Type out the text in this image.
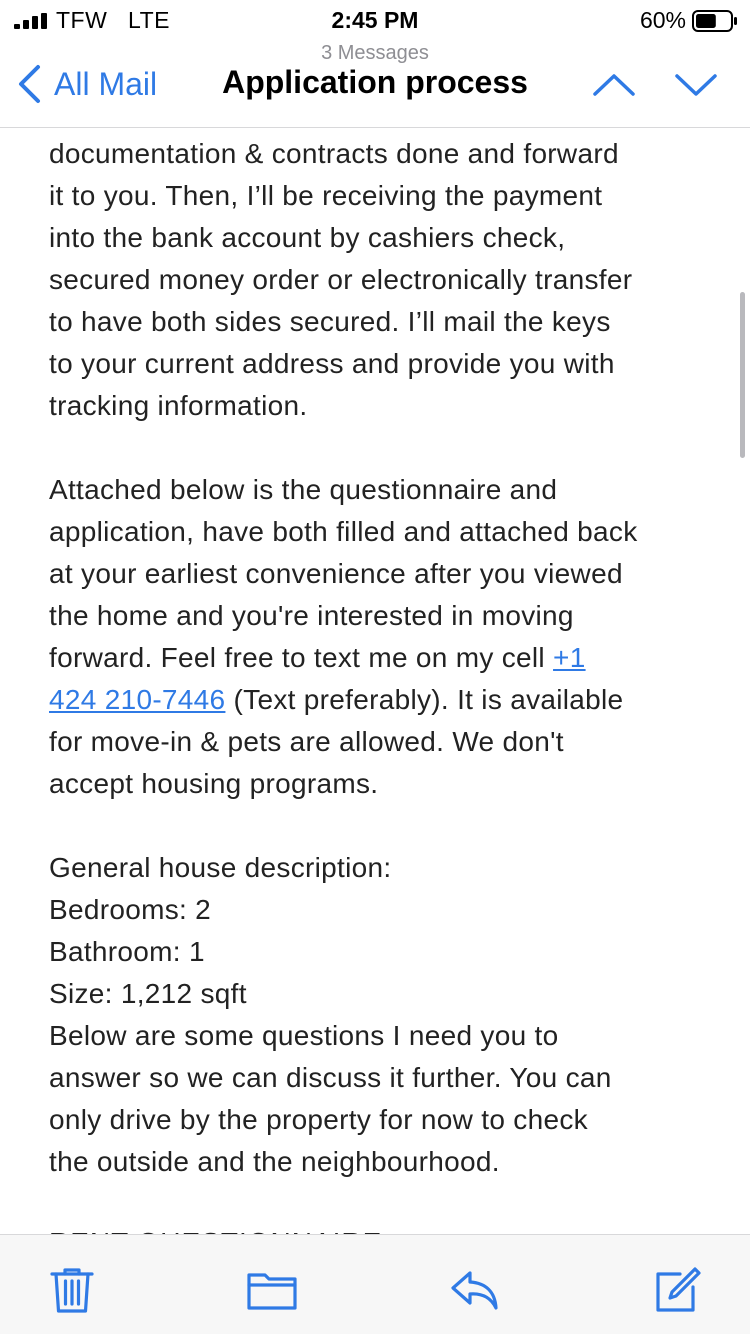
TFW LTE	2:45 PM	60%
All Mail
3 Messages
Application process
documentation & contracts done and forward
it to you. Then, I’ll be receiving the payment
into the bank account by cashiers check,
secured money order or electronically transfer
to have both sides secured. I’ll mail the keys
to your current address and provide you with
tracking information.
Attached below is the questionnaire and
application, have both filled and attached back
at your earliest convenience after you viewed
the home and you're interested in moving
forward. Feel free to text me on my cell +1
424 210-7446 (Text preferably). It is available
for move-in & pets are allowed. We don't
accept housing programs.
General house description:
Bedrooms: 2
Bathroom: 1
Size: 1,212 sqft
Below are some questions I need you to
answer so we can discuss it further. You can
only drive by the property for now to check
the outside and the neighbourhood.
